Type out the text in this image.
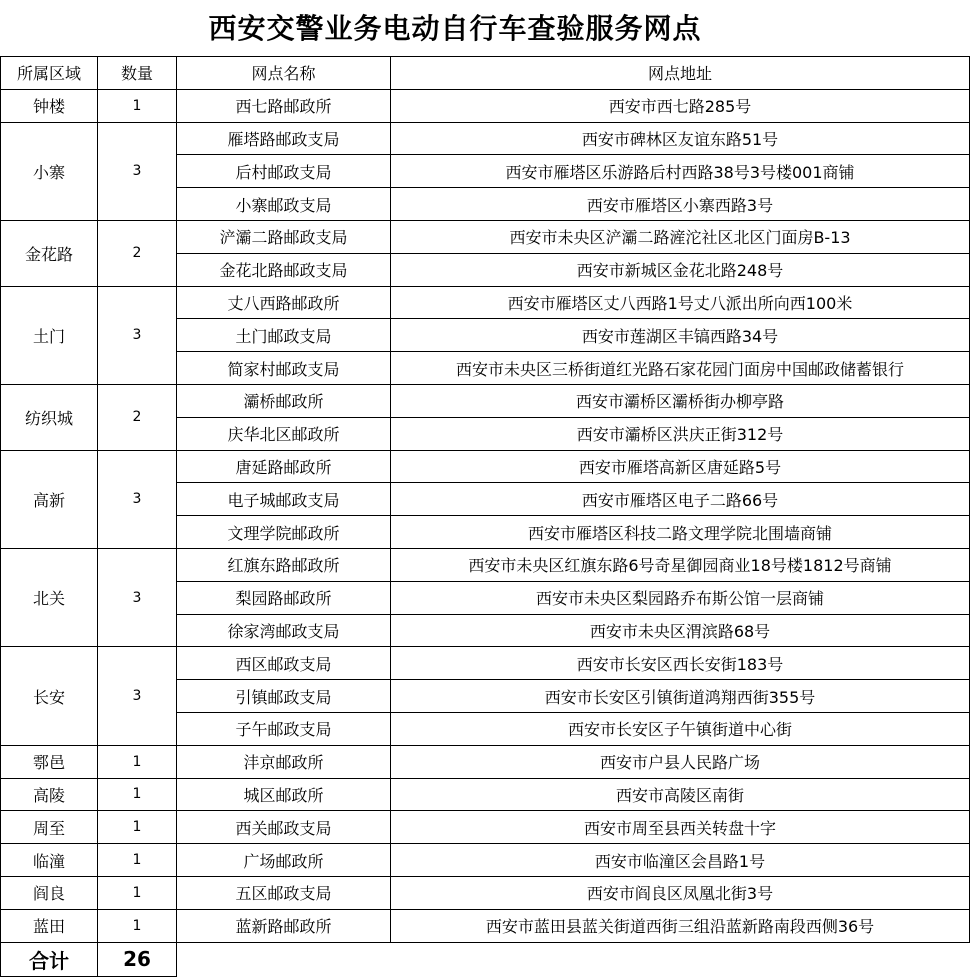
西安交警业务电动自行车查验服务网点
所属区域	数量	网点名称	网点地址
钟楼	1	西七路邮政所	西安市西七路285号
小寨	3	雁塔路邮政支局	西安市碑林区友谊东路51号
		后村邮政支局	西安市雁塔区乐游路后村西路38号3号楼001商铺
		小寨邮政支局	西安市雁塔区小寨西路3号
金花路	2	浐灞二路邮政支局	西安市未央区浐灞二路滻沱社区北区门面房B-13
		金花北路邮政支局	西安市新城区金花北路248号
土门	3	丈八西路邮政所	西安市雁塔区丈八西路1号丈八派出所向西100米
		土门邮政支局	西安市莲湖区丰镐西路34号
		简家村邮政支局	西安市未央区三桥街道红光路石家花园门面房中国邮政储蓄银行
纺织城	2	灞桥邮政所	西安市灞桥区灞桥街办柳亭路
		庆华北区邮政所	西安市灞桥区洪庆正街312号
高新	3	唐延路邮政所	西安市雁塔高新区唐延路5号
		电子城邮政支局	西安市雁塔区电子二路66号
		文理学院邮政所	西安市雁塔区科技二路文理学院北围墙商铺
北关	3	红旗东路邮政所	西安市未央区红旗东路6号奇星御园商业18号楼1812号商铺
		梨园路邮政所	西安市未央区梨园路乔布斯公馆一层商铺
		徐家湾邮政支局	西安市未央区渭滨路68号
长安	3	西区邮政支局	西安市长安区西长安街183号
		引镇邮政支局	西安市长安区引镇街道鸿翔西街355号
		子午邮政支局	西安市长安区子午镇街道中心街
鄠邑	1	沣京邮政所	西安市户县人民路广场
高陵	1	城区邮政所	西安市高陵区南街
周至	1	西关邮政支局	西安市周至县西关转盘十字
临潼	1	广场邮政所	西安市临潼区会昌路1号
阎良	1	五区邮政支局	西安市阎良区凤凰北街3号
蓝田	1	蓝新路邮政所	西安市蓝田县蓝关街道西街三组沿蓝新路南段西侧36号
合计	26		
